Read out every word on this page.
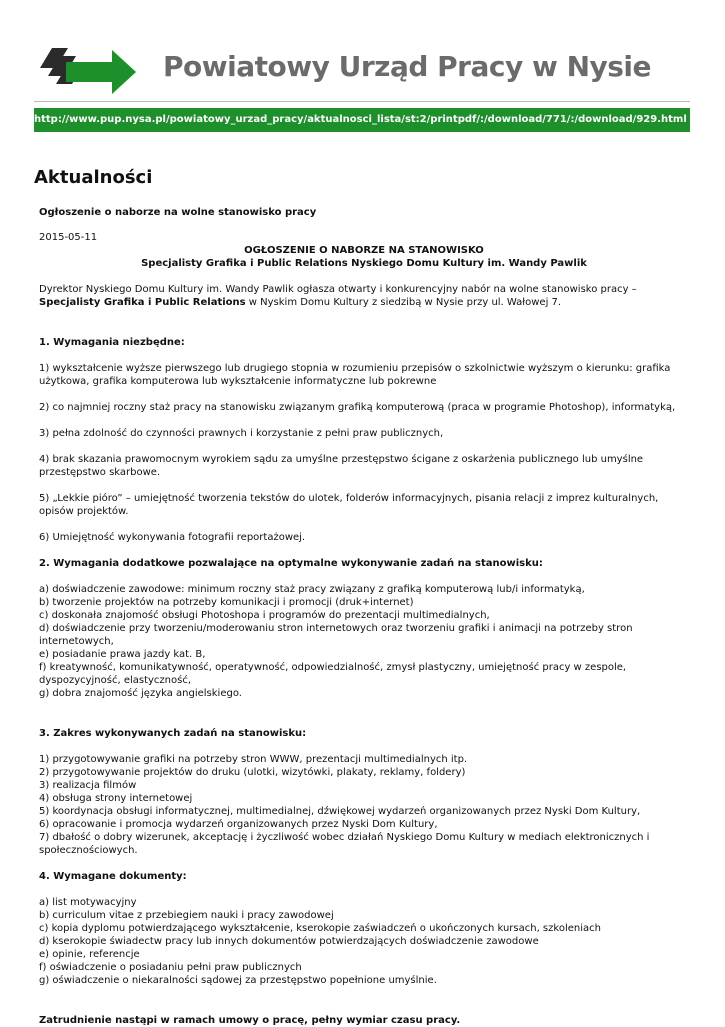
Powiatowy Urząd Pracy w Nysie
http://www.pup.nysa.pl/powiatowy_urzad_pracy/aktualnosci_lista/st:2/printpdf/:/download/771/:/download/929.html
Aktualności

Ogłoszenie o naborze na wolne stanowisko pracy

2015-05-11

OGŁOSZENIE O NABORZE NA STANOWISKO

Specjalisty Grafika i Public Relations Nyskiego Domu Kultury im. Wandy Pawlik

Dyrektor Nyskiego Domu Kultury im. Wandy Pawlik ogłasza otwarty i konkurencyjny nabór na wolne stanowisko pracy – Specjalisty Grafika i Public Relations w Nyskim Domu Kultury z siedzibą w Nysie przy ul. Wałowej 7.

1. Wymagania niezbędne:

1) wykształcenie wyższe pierwszego lub drugiego stopnia w rozumieniu przepisów o szkolnictwie wyższym o kierunku: grafika użytkowa, grafika komputerowa lub wykształcenie informatyczne lub pokrewne

2) co najmniej roczny staż pracy na stanowisku związanym grafiką komputerową (praca w programie Photoshop), informatyką,

3) pełna zdolność do czynności prawnych i korzystanie z pełni praw publicznych,

4) brak skazania prawomocnym wyrokiem sądu za umyślne przestępstwo ścigane z oskarżenia publicznego lub umyślne przestępstwo skarbowe.

5) „Lekkie pióro” – umiejętność tworzenia tekstów do ulotek, folderów informacyjnych, pisania relacji z imprez kulturalnych, opisów projektów.

6) Umiejętność wykonywania fotografii reportażowej.

2. Wymagania dodatkowe pozwalające na optymalne wykonywanie zadań na stanowisku:

a) doświadczenie zawodowe: minimum roczny staż pracy związany z grafiką komputerową lub/i informatyką,
b) tworzenie projektów na potrzeby komunikacji i promocji (druk+internet)
c) doskonała znajomość obsługi Photoshopa i programów do prezentacji multimedialnych,
d) doświadczenie przy tworzeniu/moderowaniu stron internetowych oraz tworzeniu grafiki i animacji na potrzeby stron internetowych,
e) posiadanie prawa jazdy kat. B,
f) kreatywność, komunikatywność, operatywność, odpowiedzialność, zmysł plastyczny, umiejętność pracy w zespole, dyspozycyjność, elastyczność,
g) dobra znajomość języka angielskiego.

3. Zakres wykonywanych zadań na stanowisku:

1) przygotowywanie grafiki na potrzeby stron WWW, prezentacji multimedialnych itp.
2) przygotowywanie projektów do druku (ulotki, wizytówki, plakaty, reklamy, foldery)
3) realizacja filmów
4) obsługa strony internetowej
5) koordynacja obsługi informatycznej, multimedialnej, dźwiękowej wydarzeń organizowanych przez Nyski Dom Kultury,
6) opracowanie i promocja wydarzeń organizowanych przez Nyski Dom Kultury,
7) dbałość o dobry wizerunek, akceptację i życzliwość wobec działań Nyskiego Domu Kultury w mediach elektronicznych i społecznościowych.

4. Wymagane dokumenty:

a) list motywacyjny
b) curriculum vitae z przebiegiem nauki i pracy zawodowej
c) kopia dyplomu potwierdzającego wykształcenie, kserokopie zaświadczeń o ukończonych kursach, szkoleniach
d) kserokopie świadectw pracy lub innych dokumentów potwierdzających doświadczenie zawodowe
e) opinie, referencje
f) oświadczenie o posiadaniu pełni praw publicznych
g) oświadczenie o niekaralności sądowej za przestępstwo popełnione umyślnie.

Zatrudnienie nastąpi w ramach umowy o pracę, pełny wymiar czasu pracy.
